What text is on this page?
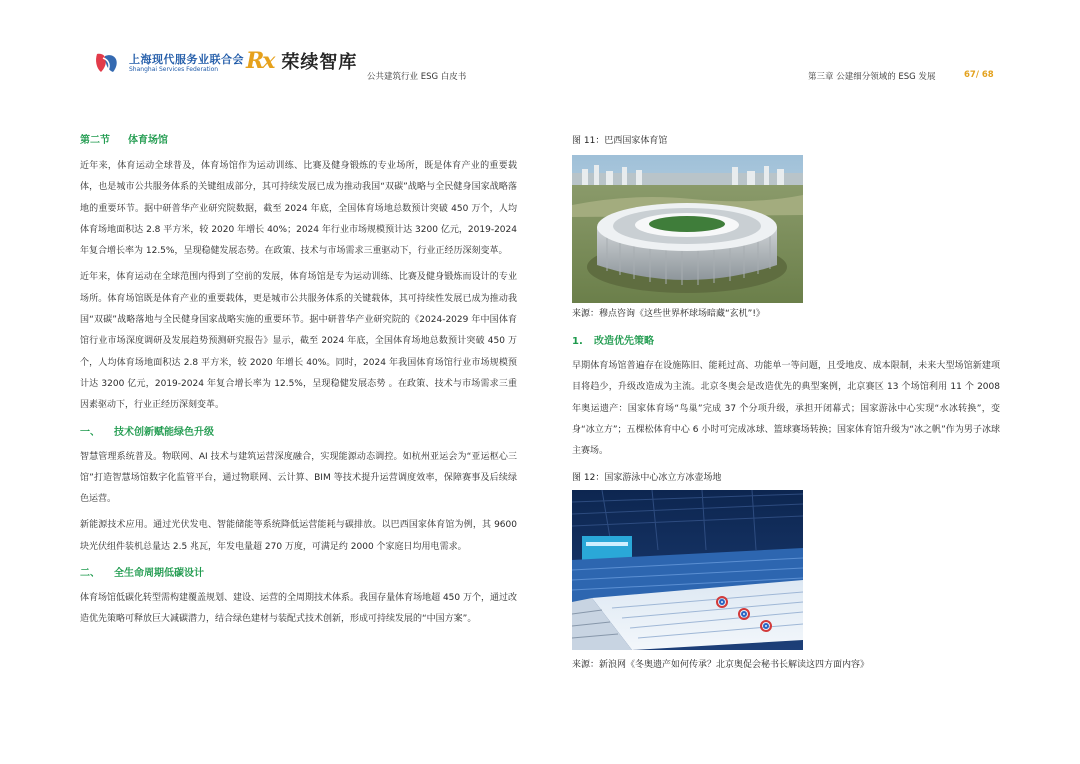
上海现代服务业联合会
Shanghai Services Federation	Rx 荣续智库
公共建筑行业 ESG 白皮书	第三章 公建细分领域的 ESG 发展	67/ 68
第二节 体育场馆

近年来，体育运动全球普及，体育场馆作为运动训练、比赛及健身锻炼的专业场所，既是体育产业的重要载体，也是城市公共服务体系的关键组成部分，其可持续发展已成为推动我国“双碳”战略与全民健身国家战略落地的重要环节。据中研普华产业研究院数据，截至 2024 年底，全国体育场地总数预计突破 450 万个，人均体育场地面积达 2.8 平方米，较 2020 年增长 40%；2024 年行业市场规模预计达 3200 亿元，2019-2024 年复合增长率为 12.5%，呈现稳健发展态势。在政策、技术与市场需求三重驱动下，行业正经历深刻变革。

近年来，体育运动在全球范围内得到了空前的发展，体育场馆是专为运动训练、比赛及健身锻炼而设计的专业场所。体育场馆既是体育产业的重要载体，更是城市公共服务体系的关键载体，其可持续性发展已成为推动我国“双碳”战略落地与全民健身国家战略实施的重要环节。据中研普华产业研究院的《2024-2029 年中国体育馆行业市场深度调研及发展趋势预测研究报告》显示，截至 2024 年底，全国体育场地总数预计突破 450 万个，人均体育场地面积达 2.8 平方米，较 2020 年增长 40%。同时，2024 年我国体育场馆行业市场规模预计达 3200 亿元，2019-2024 年复合增长率为 12.5%，呈现稳健发展态势 。在政策、技术与市场需求三重因素驱动下，行业正经历深刻变革。

一、 技术创新赋能绿色升级

智慧管理系统普及。物联网、AI 技术与建筑运营深度融合，实现能源动态调控。如杭州亚运会为“亚运枢心三馆”打造智慧场馆数字化监管平台，通过物联网、云计算、BIM 等技术提升运营调度效率，保障赛事及后续绿色运营。

新能源技术应用。通过光伏发电、智能储能等系统降低运营能耗与碳排放。以巴西国家体育馆为例，其 9600 块光伏组件装机总量达 2.5 兆瓦，年发电量超 270 万度，可满足约 2000 个家庭日均用电需求。

二、 全生命周期低碳设计

体育场馆低碳化转型需构建覆盖规划、建设、运营的全周期技术体系。我国存量体育场地超 450 万个，通过改造优先策略可释放巨大减碳潜力，结合绿色建材与装配式技术创新，形成可持续发展的“中国方案”。

图 11：巴西国家体育馆
来源：穆点咨询《这些世界杯球场暗藏“玄机”!》
1. 改造优先策略

早期体育场馆普遍存在设施陈旧、能耗过高、功能单一等问题，且受地皮、成本限制，未来大型场馆新建项目将趋少，升级改造成为主流。北京冬奥会是改造优先的典型案例，北京赛区 13 个场馆利用 11 个 2008 年奥运遗产：国家体育场“鸟巢”完成 37 个分项升级，承担开闭幕式；国家游泳中心实现“水冰转换”，变身“冰立方”；五棵松体育中心 6 小时可完成冰球、篮球赛场转换；国家体育馆升级为“冰之帆”作为男子冰球主赛场。

图 12：国家游泳中心冰立方冰壶场地
来源：新浪网《冬奥遗产如何传承？北京奥促会秘书长解读这四方面内容》
